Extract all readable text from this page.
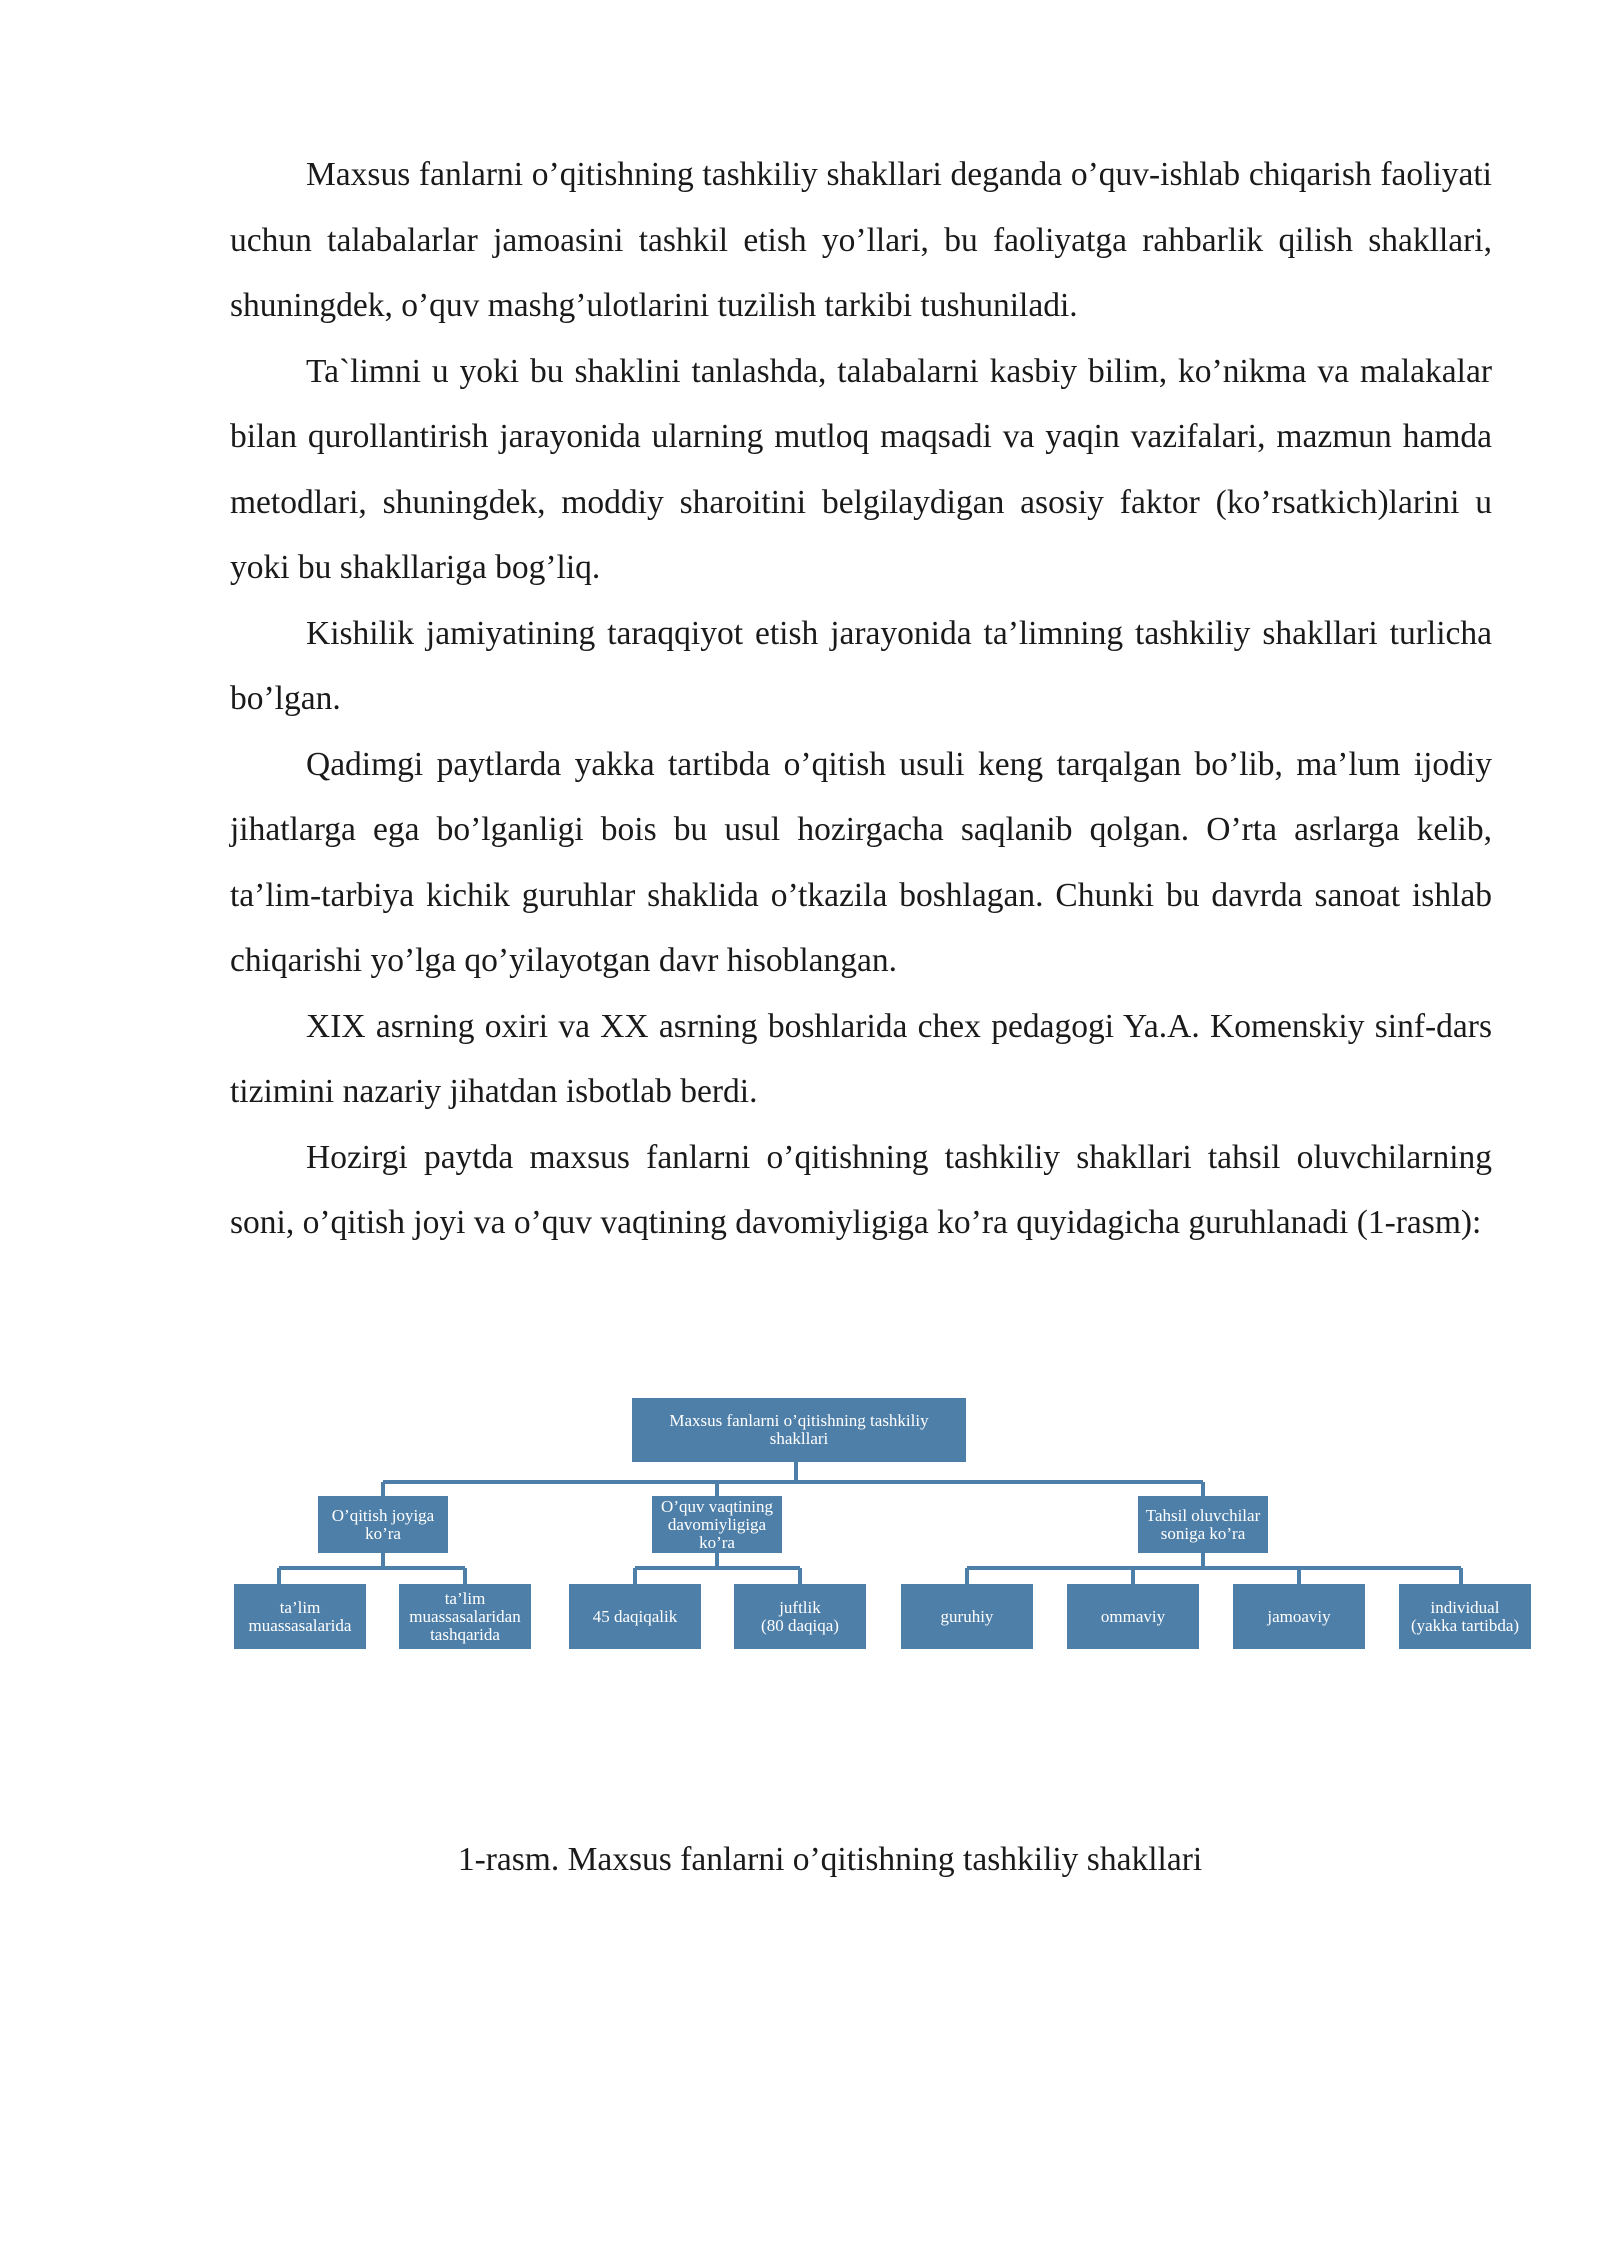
Maxsus fanlarni o’qitishning tashkiliy shakllari deganda o’quv-ishlab chiqarish faoliyati uchun talabalarlar jamoasini tashkil etish yo’llari, bu faoliyatga rahbarlik qilish shakllari, shuningdek, o’quv mashg’ulotlarini tuzilish tarkibi tushuniladi.

Ta`limni u yoki bu shaklini tanlashda, talabalarni kasbiy bilim, ko’nikma va malakalar bilan qurollantirish jarayonida ularning mutloq maqsadi va yaqin vazifalari, mazmun hamda metodlari, shuningdek, moddiy sharoitini belgilaydigan asosiy faktor (ko’rsatkich)larini u yoki bu shakllariga bog’liq.

Kishilik jamiyatining taraqqiyot etish jarayonida ta’limning tashkiliy shakllari turlicha bo’lgan.

Qadimgi paytlarda yakka tartibda o’qitish usuli keng tarqalgan bo’lib, ma’lum ijodiy jihatlarga ega bo’lganligi bois bu usul hozirgacha saqlanib qolgan. O’rta asrlarga kelib, ta’lim-tarbiya kichik guruhlar shaklida o’tkazila boshlagan. Chunki bu davrda sanoat ishlab chiqarishi yo’lga qo’yilayotgan davr hisoblangan.

XIX asrning oxiri va XX asrning boshlarida chex pedagogi Ya.A. Komenskiy sinf-dars tizimini nazariy jihatdan isbotlab berdi.

Hozirgi paytda maxsus fanlarni o’qitishning tashkiliy shakllari tahsil oluvchilarning soni, o’qitish joyi va o’quv vaqtining davomiyligiga ko’ra quyidagicha guruhlanadi (1-rasm):

Maxsus fanlarni o’qitishning tashkiliy
shakllari
O’qitish joyiga
ko’ra
O’quv vaqtining
davomiyligiga
ko’ra
Tahsil oluvchilar
soniga ko’ra
ta’lim
muassasalarida
ta’lim
muassasalaridan
tashqarida
45 daqiqalik	juftlik
(80 daqiqa)	guruhiy	ommaviy	jamoaviy	individual
(yakka tartibda)
1-rasm. Maxsus fanlarni o’qitishning tashkiliy shakllari
